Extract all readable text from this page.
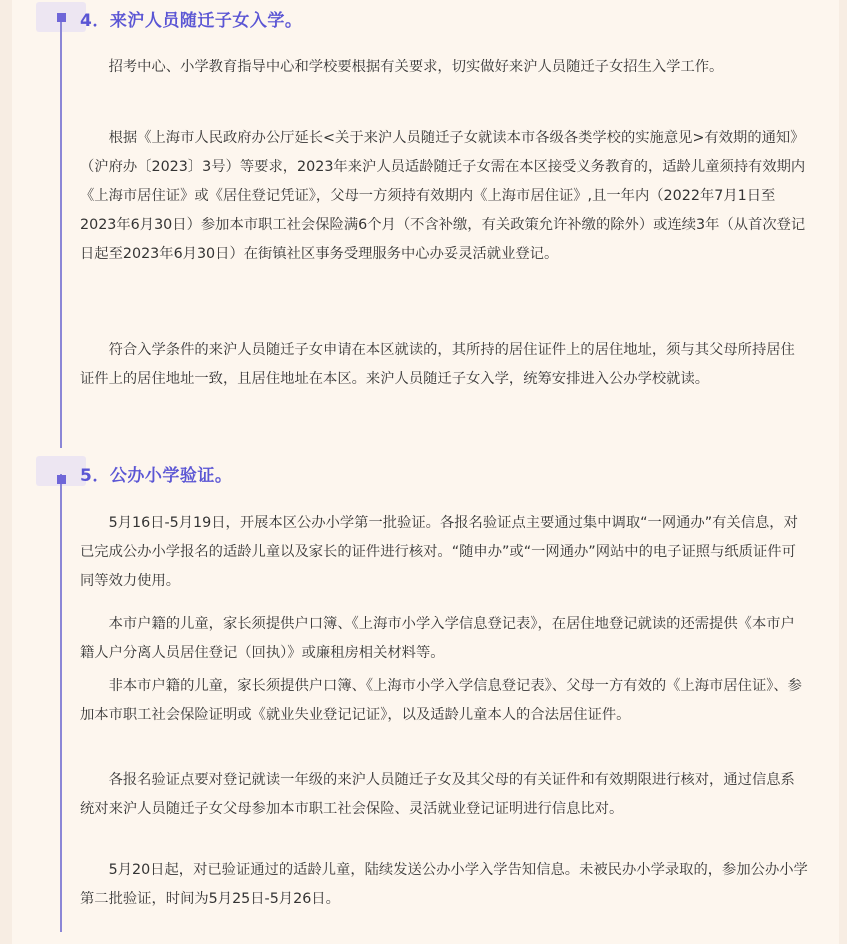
4．来沪人员随迁子女入学。

招考中心、小学教育指导中心和学校要根据有关要求，切实做好来沪人员随迁子女招生入学工作。

根据《上海市人民政府办公厅延长<关于来沪人员随迁子女就读本市各级各类学校的实施意见>有效期的通知》（沪府办〔2023〕3号）等要求，2023年来沪人员适龄随迁子女需在本区接受义务教育的，适龄儿童须持有效期内《上海市居住证》或《居住登记凭证》，父母一方须持有效期内《上海市居住证》,且一年内（2022年7月1日至2023年6月30日）参加本市职工社会保险满6个月（不含补缴，有关政策允许补缴的除外）或连续3年（从首次登记日起至2023年6月30日）在街镇社区事务受理服务中心办妥灵活就业登记。

符合入学条件的来沪人员随迁子女申请在本区就读的，其所持的居住证件上的居住地址，须与其父母所持居住证件上的居住地址一致，且居住地址在本区。来沪人员随迁子女入学，统筹安排进入公办学校就读。

5．公办小学验证。

5月16日-5月19日，开展本区公办小学第一批验证。各报名验证点主要通过集中调取“一网通办”有关信息，对已完成公办小学报名的适龄儿童以及家长的证件进行核对。“随申办”或“一网通办”网站中的电子证照与纸质证件可同等效力使用。

本市户籍的儿童，家长须提供户口簿、《上海市小学入学信息登记表》，在居住地登记就读的还需提供《本市户籍人户分离人员居住登记（回执）》或廉租房相关材料等。

非本市户籍的儿童，家长须提供户口簿、《上海市小学入学信息登记表》、父母一方有效的《上海市居住证》、参加本市职工社会保险证明或《就业失业登记记证》，以及适龄儿童本人的合法居住证件。

各报名验证点要对登记就读一年级的来沪人员随迁子女及其父母的有关证件和有效期限进行核对，通过信息系统对来沪人员随迁子女父母参加本市职工社会保险、灵活就业登记证明进行信息比对。

5月20日起，对已验证通过的适龄儿童，陆续发送公办小学入学告知信息。未被民办小学录取的，参加公办小学第二批验证，时间为5月25日-5月26日。
